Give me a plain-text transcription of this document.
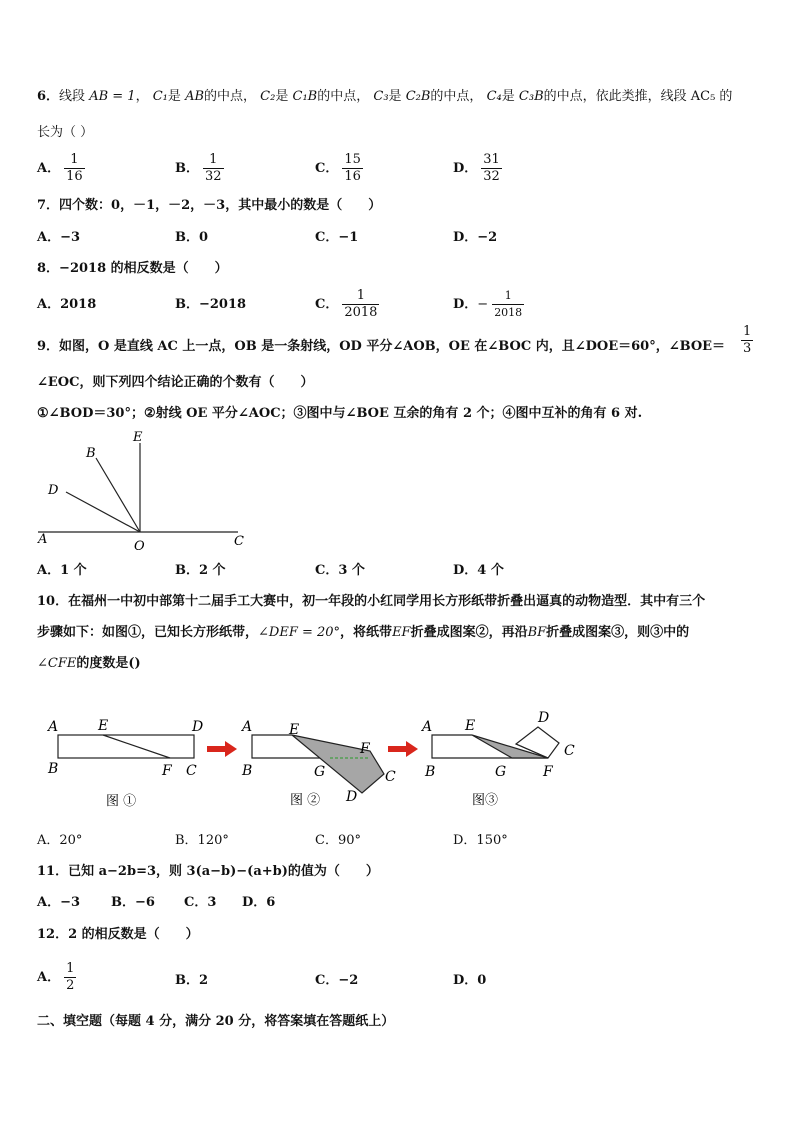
6．线段 AB = 1， C₁是 AB的中点， C₂是 C₁B的中点， C₃是 C₂B的中点， C₄是 C₃B的中点，依此类推，线段 AC₅ 的
长为（ ）
A． $\frac{1}{16}$	B． $\frac{1}{32}$	C． $\frac{15}{16}$	D． $\frac{31}{32}$
7．四个数：0，－1，－2，－3，其中最小的数是（　　）
A．−3	B．0	C．−1	D．−2
8．−2018 的相反数是（　　）
A．2018	B．−2018	C． $\frac{1}{2018}$	D．− $\frac{1}{2018}$
9．如图，O 是直线 AC 上一点，OB 是一条射线，OD 平分∠AOB，OE 在∠BOC 内，且∠DOE＝60°，∠BOE＝ $\frac{1}{3}$
∠EOC，则下列四个结论正确的个数有（　　）
①∠BOD＝30°；②射线 OE 平分∠AOC；③图中与∠BOE 互余的角有 2 个；④图中互补的角有 6 对.
E
B
D
A	O	C
A．1 个	B．2 个	C．3 个	D．4 个
10．在福州一中初中部第十二届手工大赛中，初一年段的小红同学用长方形纸带折叠出逼真的动物造型．其中有三个
步骤如下：如图①，已知长方形纸带，∠DEF = 20°，将纸带EF折叠成图案②，再沿BF折叠成图案③，则③中的
∠CFE的度数是()
A	E	D
B	F C
图 ①
A	E
F
B	G	C
D
图 ②
A E	D
C
B	G	F
图③
A．20°	B．120°	C．90°	D．150°
11．已知 a−2b=3，则 3(a−b)−(a+b)的值为（　　）
A．−3 B．−6 C．3 D．6
12．2 的相反数是（　　）
A． $\frac{1}{2}$	B．2	C．−2	D．0
二、填空题（每题 4 分，满分 20 分，将答案填在答题纸上）
